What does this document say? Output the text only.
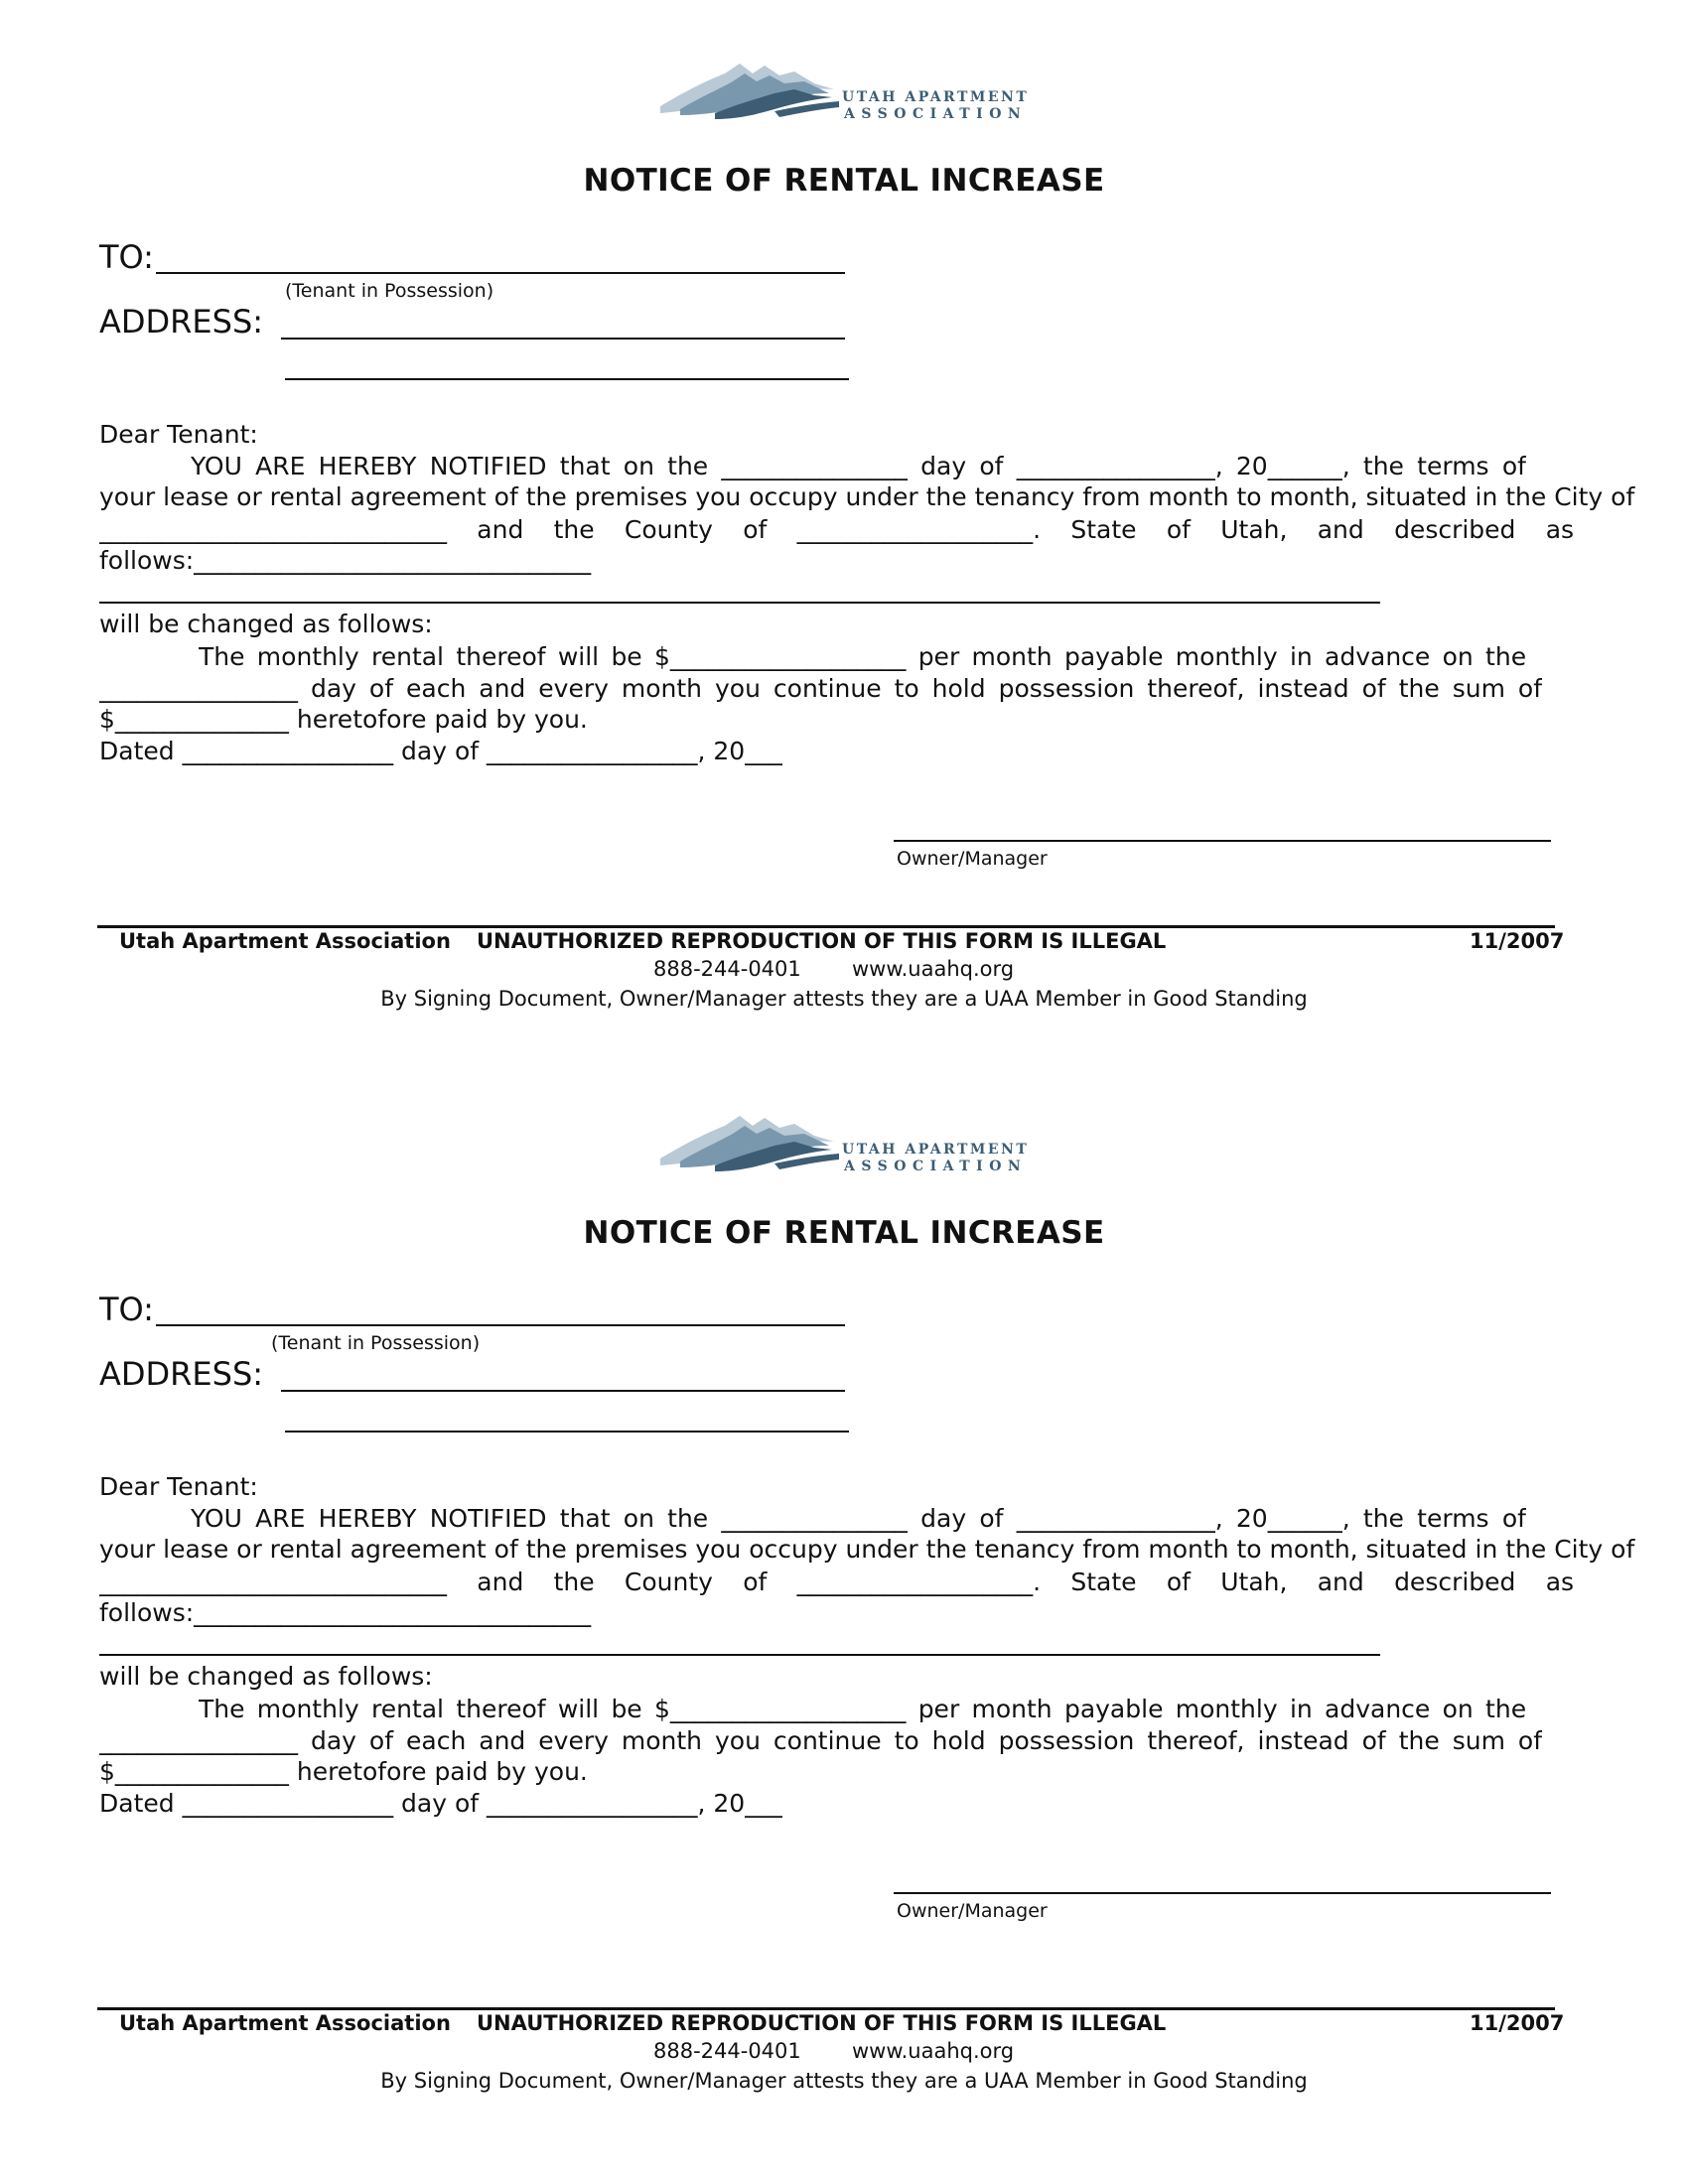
UTAH APARTMENT
ASSOCIATION
NOTICE OF RENTAL INCREASE
TO:
(Tenant in Possession)
ADDRESS:
Dear Tenant:
YOU ARE HEREBY NOTIFIED that on the _______________ day of ________________, 20______, the terms of
your lease or rental agreement of the premises you occupy under the tenancy from month to month, situated in the City of
____________________________ and the County of ___________________. State of Utah, and described as
follows:________________________________
will be changed as follows:
The monthly rental thereof will be $___________________ per month payable monthly in advance on the
________________ day of each and every month you continue to hold possession thereof, instead of the sum of
$______________ heretofore paid by you.
Dated _________________ day of _________________, 20___
Owner/Manager
Utah Apartment Association UNAUTHORIZED REPRODUCTION OF THIS FORM IS ILLEGAL	11/2007
888-244-0401 www.uaahq.org
By Signing Document, Owner/Manager attests they are a UAA Member in Good Standing
UTAH APARTMENT
ASSOCIATION
NOTICE OF RENTAL INCREASE
TO:
(Tenant in Possession)
ADDRESS:
Dear Tenant:
YOU ARE HEREBY NOTIFIED that on the _______________ day of ________________, 20______, the terms of
your lease or rental agreement of the premises you occupy under the tenancy from month to month, situated in the City of
____________________________ and the County of ___________________. State of Utah, and described as
follows:________________________________
will be changed as follows:
The monthly rental thereof will be $___________________ per month payable monthly in advance on the
________________ day of each and every month you continue to hold possession thereof, instead of the sum of
$______________ heretofore paid by you.
Dated _________________ day of _________________, 20___
Owner/Manager
Utah Apartment Association UNAUTHORIZED REPRODUCTION OF THIS FORM IS ILLEGAL	11/2007
888-244-0401 www.uaahq.org
By Signing Document, Owner/Manager attests they are a UAA Member in Good Standing
